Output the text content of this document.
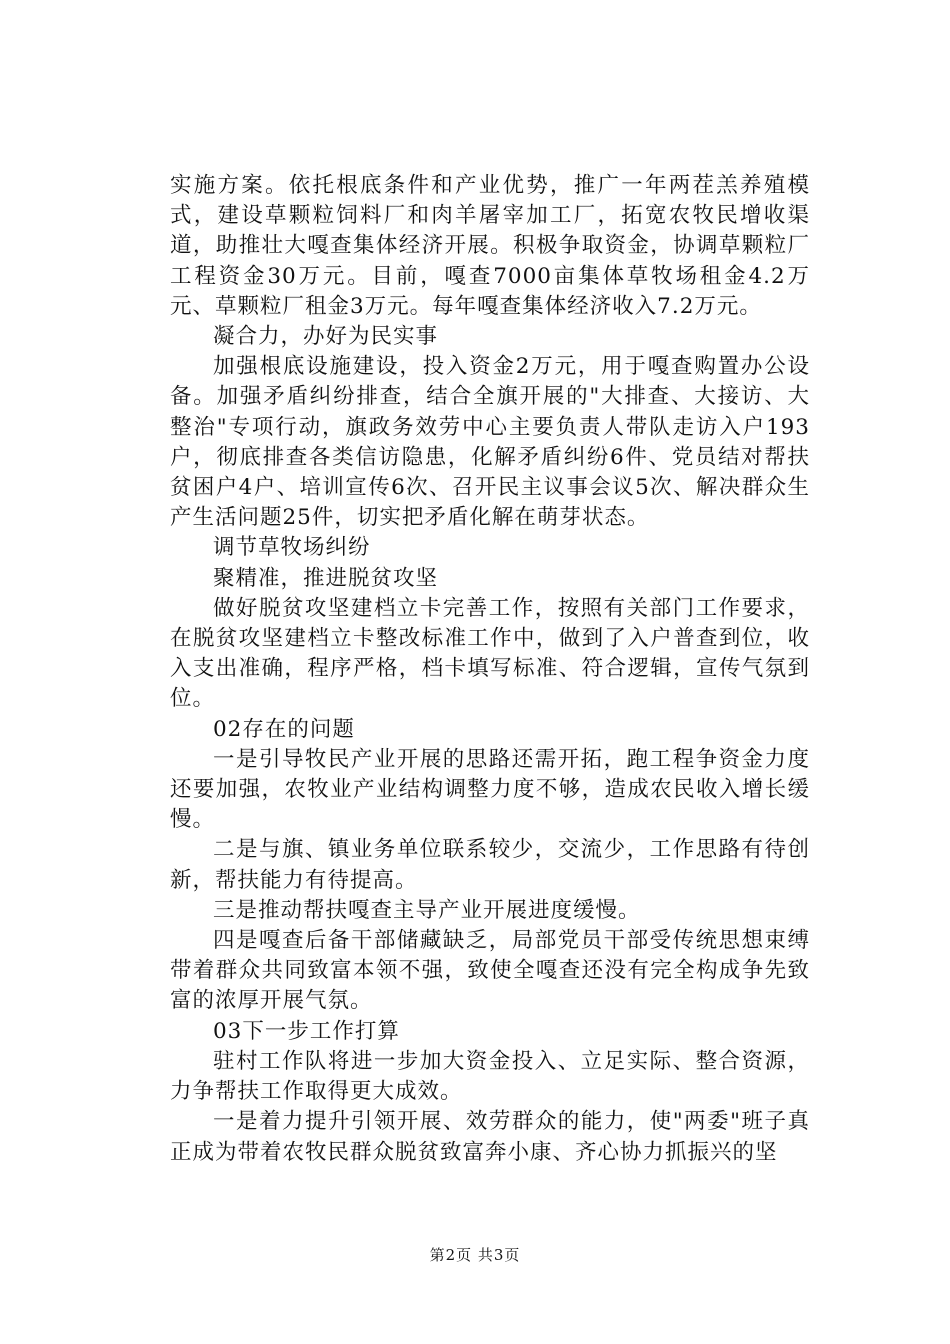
实施方案。依托根底条件和产业优势，推广一年两茬羔养殖模式，建设草颗粒饲料厂和肉羊屠宰加工厂，拓宽农牧民增收渠道，助推壮大嘎查集体经济开展。积极争取资金，协调草颗粒厂工程资金30万元。目前，嘎查7000亩集体草牧场租金4.2万元、草颗粒厂租金3万元。每年嘎查集体经济收入7.2万元。

凝合力，办好为民实事

加强根底设施建设，投入资金2万元，用于嘎查购置办公设备。加强矛盾纠纷排查，结合全旗开展的"大排查、大接访、大整治"专项行动，旗政务效劳中心主要负责人带队走访入户193户，彻底排查各类信访隐患，化解矛盾纠纷6件、党员结对帮扶贫困户4户、培训宣传6次、召开民主议事会议5次、解决群众生产生活问题25件，切实把矛盾化解在萌芽状态。

调节草牧场纠纷

聚精准，推进脱贫攻坚

做好脱贫攻坚建档立卡完善工作，按照有关部门工作要求，在脱贫攻坚建档立卡整改标准工作中，做到了入户普查到位，收入支出准确，程序严格，档卡填写标准、符合逻辑，宣传气氛到位。

02存在的问题

一是引导牧民产业开展的思路还需开拓，跑工程争资金力度还要加强，农牧业产业结构调整力度不够，造成农民收入增长缓慢。

二是与旗、镇业务单位联系较少，交流少，工作思路有待创新，帮扶能力有待提高。

三是推动帮扶嘎查主导产业开展进度缓慢。

四是嘎查后备干部储藏缺乏，局部党员干部受传统思想束缚带着群众共同致富本领不强，致使全嘎查还没有完全构成争先致富的浓厚开展气氛。

03下一步工作打算

驻村工作队将进一步加大资金投入、立足实际、整合资源，力争帮扶工作取得更大成效。

一是着力提升引领开展、效劳群众的能力，使"两委"班子真正成为带着农牧民群众脱贫致富奔小康、齐心协力抓振兴的坚

第2页 共3页
